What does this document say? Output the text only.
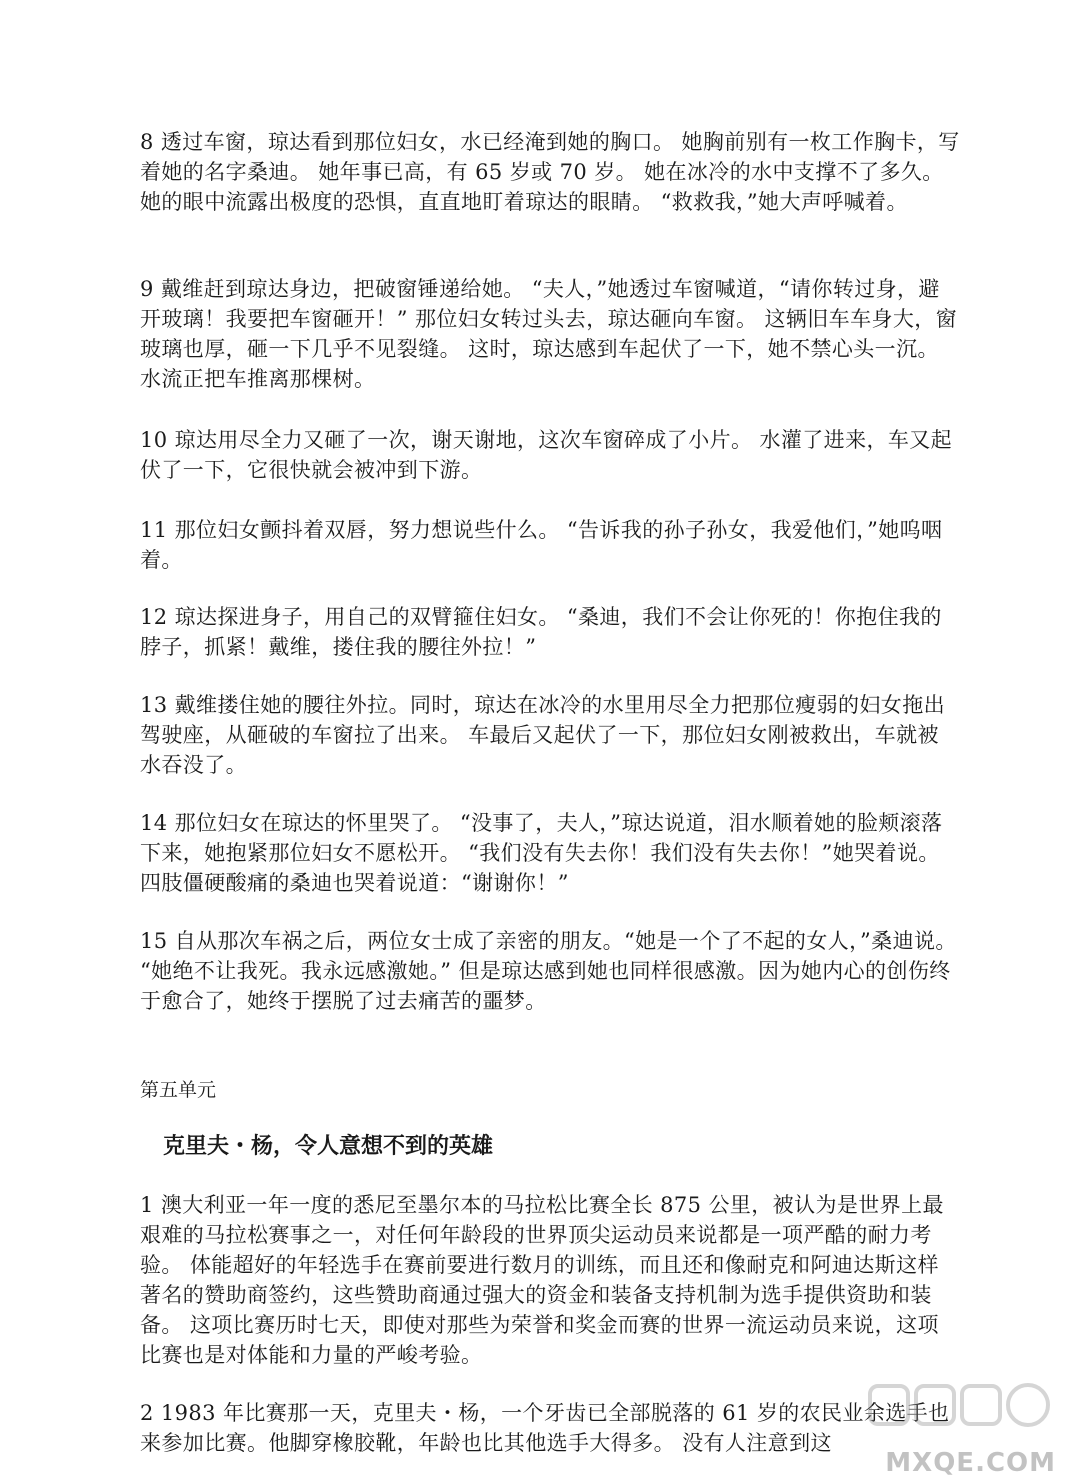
8 透过车窗，琼达看到那位妇女，水已经淹到她的胸口。 她胸前别有一枚工作胸卡，写着她的名字桑迪。 她年事已高，有 65 岁或 70 岁。 她在冰冷的水中支撑不了多久。 她的眼中流露出极度的恐惧，直直地盯着琼达的眼睛。 “救救我，”她大声呼喊着。

9 戴维赶到琼达身边，把破窗锤递给她。 “夫人，”她透过车窗喊道，“请你转过身，避开玻璃！我要把车窗砸开！” 那位妇女转过头去，琼达砸向车窗。 这辆旧车车身大，窗玻璃也厚，砸一下几乎不见裂缝。 这时，琼达感到车起伏了一下，她不禁心头一沉。 水流正把车推离那棵树。

10 琼达用尽全力又砸了一次，谢天谢地，这次车窗碎成了小片。 水灌了进来，车又起伏了一下，它很快就会被冲到下游。

11 那位妇女颤抖着双唇，努力想说些什么。 “告诉我的孙子孙女，我爱他们，”她呜咽着。

12 琼达探进身子，用自己的双臂箍住妇女。 “桑迪，我们不会让你死的！你抱住我的脖子，抓紧！戴维，搂住我的腰往外拉！”

13 戴维搂住她的腰往外拉。同时，琼达在冰冷的水里用尽全力把那位瘦弱的妇女拖出驾驶座，从砸破的车窗拉了出来。 车最后又起伏了一下，那位妇女刚被救出，车就被水吞没了。

14 那位妇女在琼达的怀里哭了。 “没事了，夫人，”琼达说道，泪水顺着她的脸颊滚落下来，她抱紧那位妇女不愿松开。 “我们没有失去你！我们没有失去你！”她哭着说。 四肢僵硬酸痛的桑迪也哭着说道：“谢谢你！”

15 自从那次车祸之后，两位女士成了亲密的朋友。“她是一个了不起的女人，”桑迪说。 “她绝不让我死。我永远感激她。” 但是琼达感到她也同样很感激。因为她内心的创伤终于愈合了，她终于摆脱了过去痛苦的噩梦。

第五单元

克里夫・杨，令人意想不到的英雄

1 澳大利亚一年一度的悉尼至墨尔本的马拉松比赛全长 875 公里，被认为是世界上最艰难的马拉松赛事之一，对任何年龄段的世界顶尖运动员来说都是一项严酷的耐力考验。 体能超好的年轻选手在赛前要进行数月的训练，而且还和像耐克和阿迪达斯这样著名的赞助商签约，这些赞助商通过强大的资金和装备支持机制为选手提供资助和装备。 这项比赛历时七天，即使对那些为荣誉和奖金而赛的世界一流运动员来说，这项比赛也是对体能和力量的严峻考验。

2 1983 年比赛那一天，克里夫・杨，一个牙齿已全部脱落的 61 岁的农民业余选手也来参加比赛。他脚穿橡胶靴，年龄也比其他选手大得多。 没有人注意到这

MXQE.COM
